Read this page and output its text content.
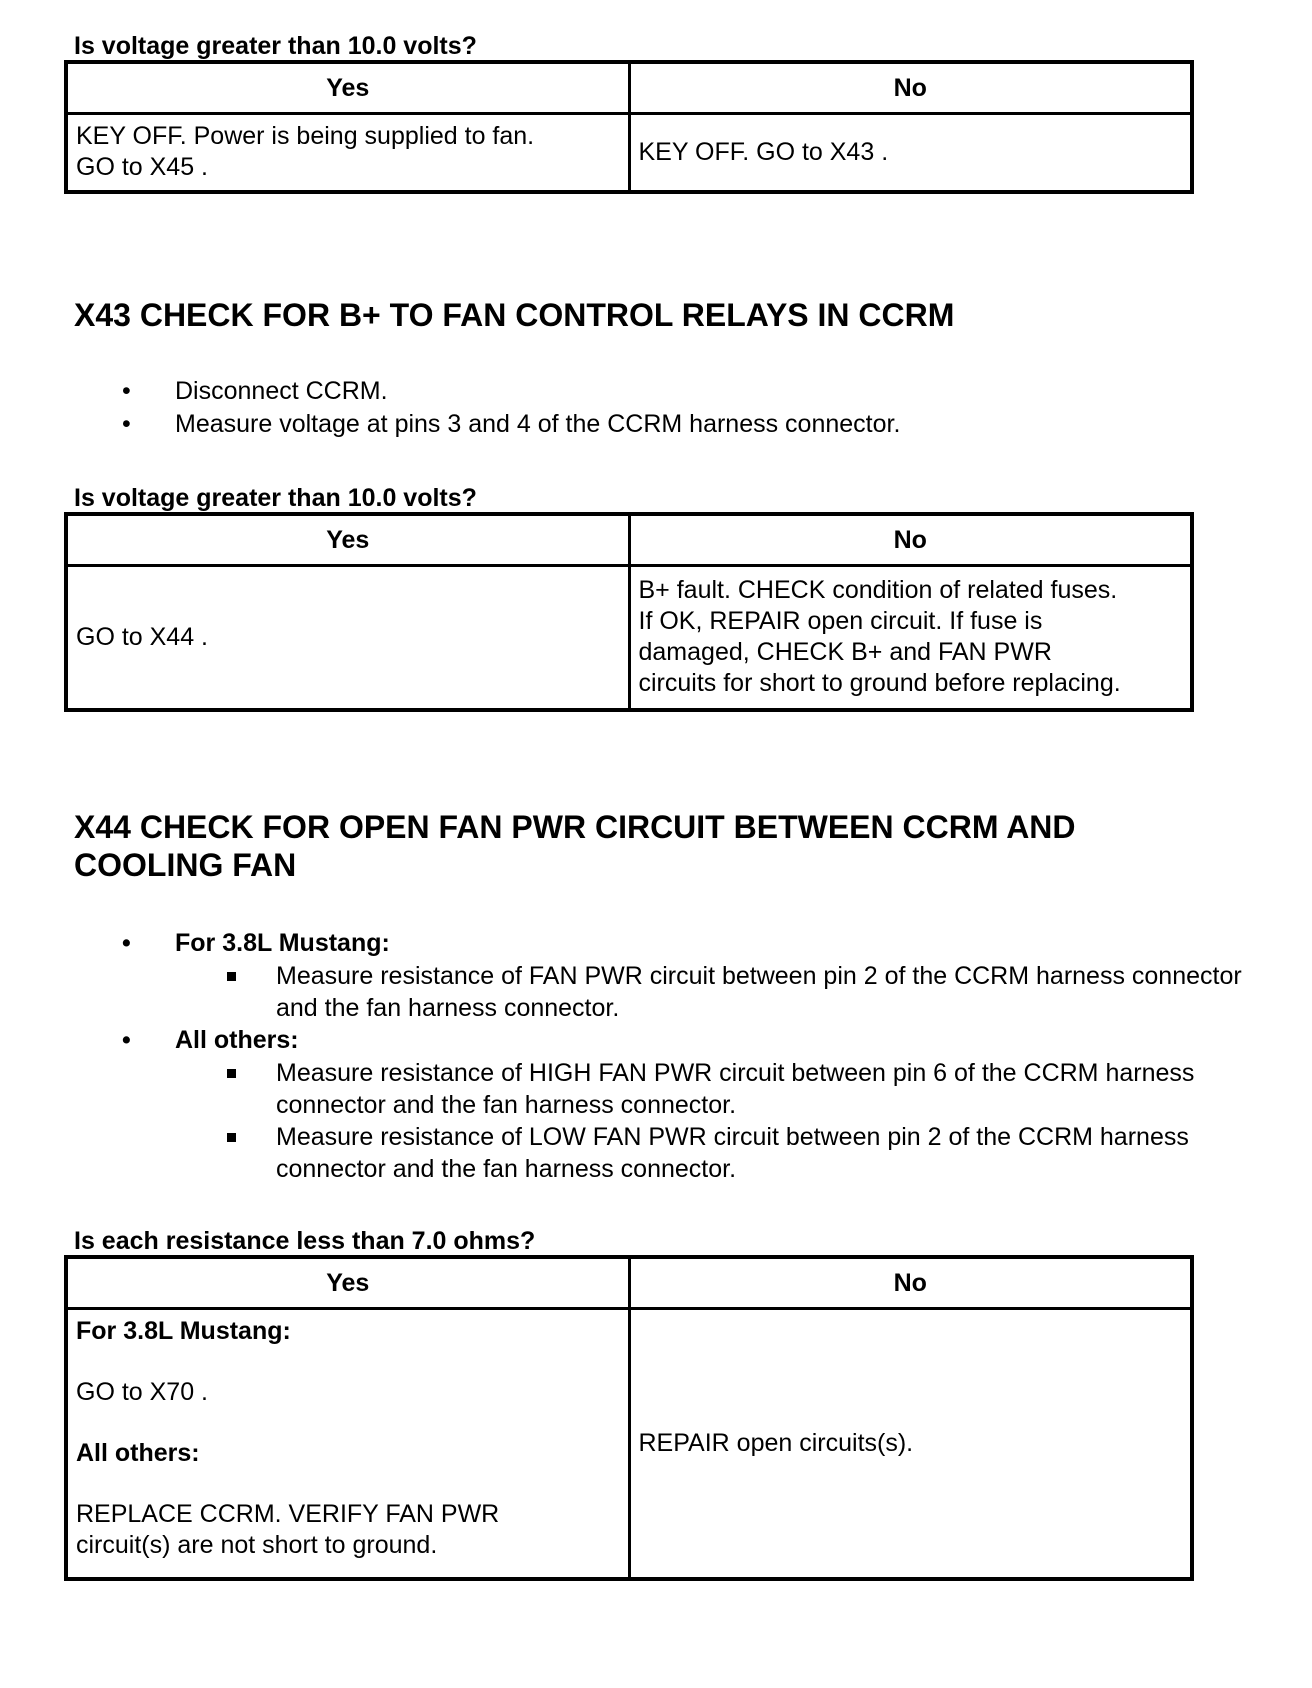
Is voltage greater than 10.0 volts?
Yes	No

KEY OFF. Power is being supplied to fan.
GO to X45 .	KEY OFF. GO to X43 .
X43 CHECK FOR B+ TO FAN CONTROL RELAYS IN CCRM
• Disconnect CCRM.
• Measure voltage at pins 3 and 4 of the CCRM harness connector.
Is voltage greater than 10.0 volts?
Yes	No
GO to X44 .	B+ fault. CHECK condition of related fuses.
If OK, REPAIR open circuit. If fuse is
damaged, CHECK B+ and FAN PWR
circuits for short to ground before replacing.
X44 CHECK FOR OPEN FAN PWR CIRCUIT BETWEEN CCRM AND
COOLING FAN
• For 3.8L Mustang:
Measure resistance of FAN PWR circuit between pin 2 of the CCRM harness connector and the fan harness connector.
• All others:
Measure resistance of HIGH FAN PWR circuit between pin 6 of the CCRM harness connector and the fan harness connector.
Measure resistance of LOW FAN PWR circuit between pin 2 of the CCRM harness connector and the fan harness connector.
Is each resistance less than 7.0 ohms?
Yes	No

For 3.8L Mustang:
GO to X70 .
All others:
REPLACE CCRM. VERIFY FAN PWR
circuit(s) are not short to ground.	REPAIR open circuits(s).
